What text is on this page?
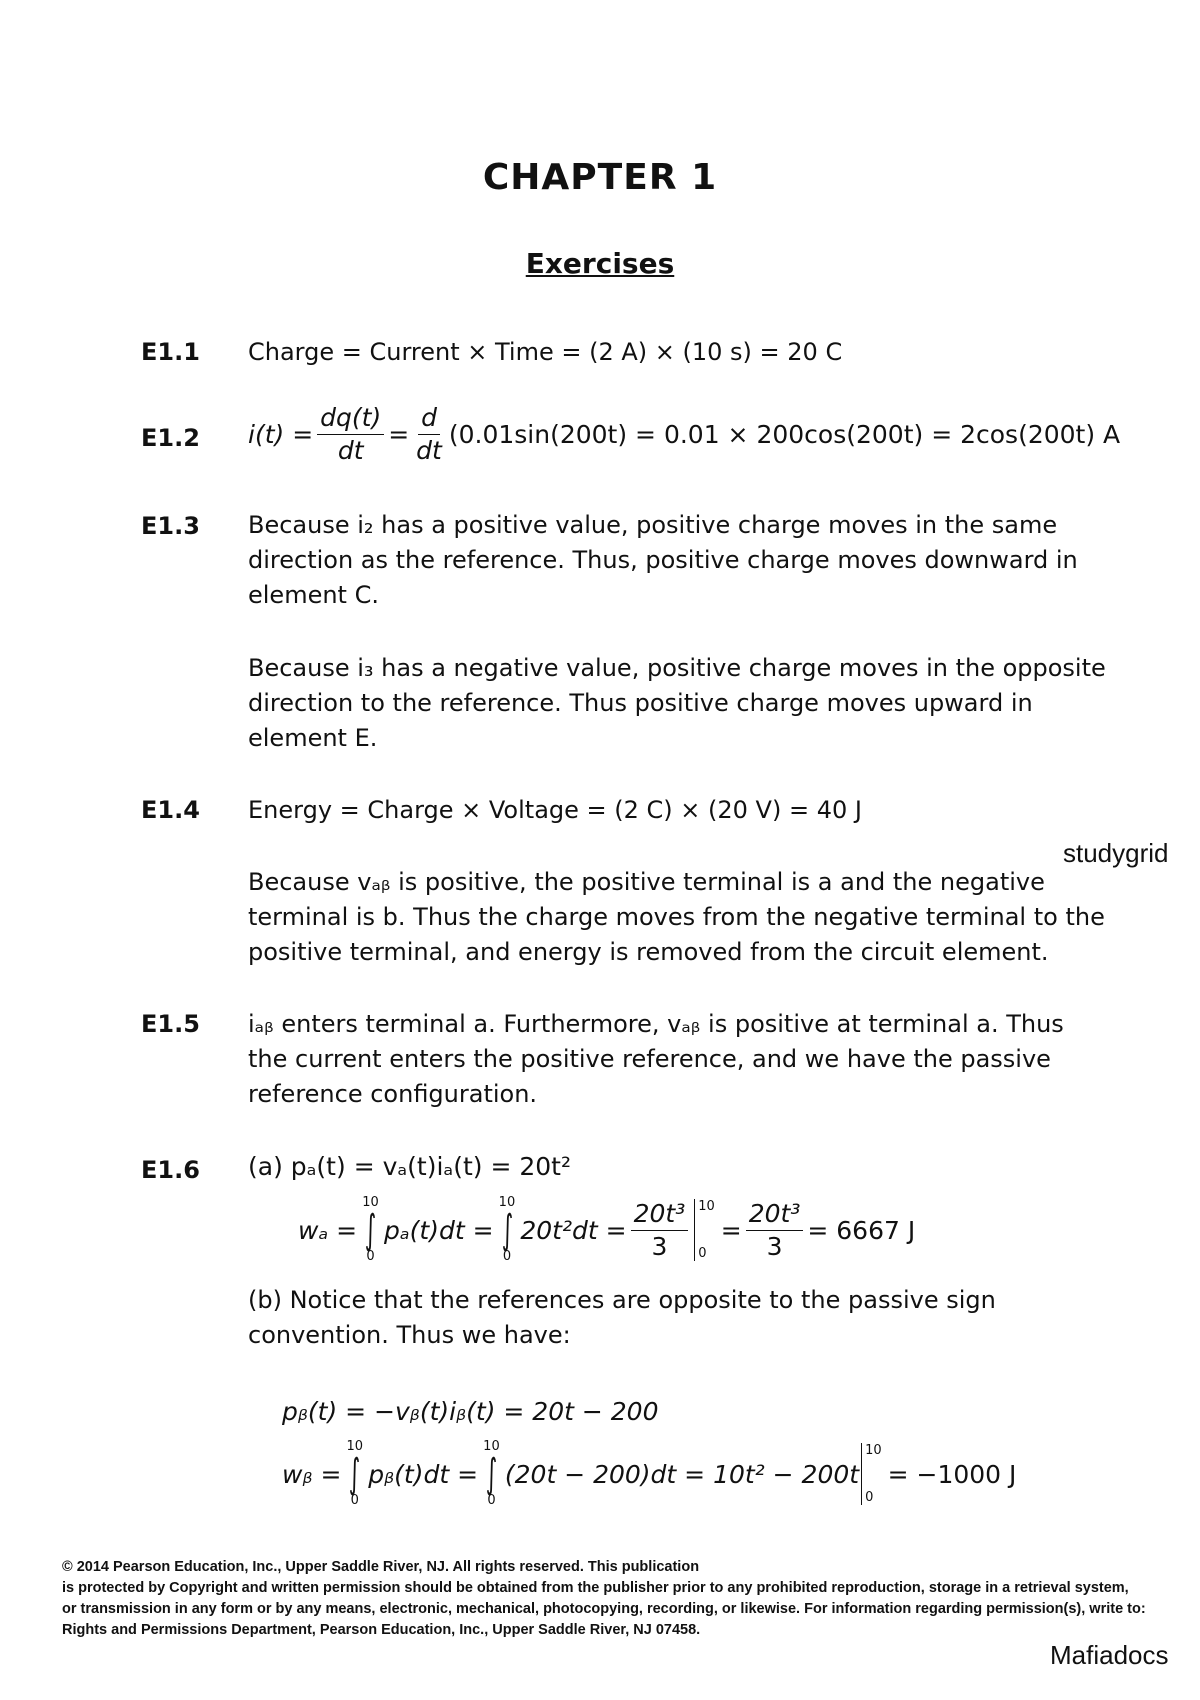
CHAPTER 1
Exercises
E1.1 Charge = Current × Time = (2 A) × (10 s) = 20 C
E1.2 $i(t) = \frac{dq(t)}{dt} = \frac{d}{dt} (0.01\sin(200t) = 0.01 \times 200\cos(200t) = 2\cos(200t)$ A
E1.3 Because i₂ has a positive value, positive charge moves in the same
direction as the reference. Thus, positive charge moves downward in
element C.
Because i₃ has a negative value, positive charge moves in the opposite
direction to the reference. Thus positive charge moves upward in
element E.
E1.4 Energy = Charge × Voltage = (2 C) × (20 V) = 40 J
Because vₐᵦ is positive, the positive terminal is a and the negative
terminal is b. Thus the charge moves from the negative terminal to the
positive terminal, and energy is removed from the circuit element.
studygrid
E1.5 iₐᵦ enters terminal a. Furthermore, vₐᵦ is positive at terminal a. Thus
the current enters the positive reference, and we have the passive
reference configuration.
E1.6 (a) pₐ(t) = vₐ(t)iₐ(t) = 20t²
wₐ =
10
∫
0
pₐ(t)dt =
10
∫
0
$20t^2dt = \frac{\text{20t³}}{3} 10$
0
= $\frac{\text{20t³}}{3} = 6667$ J
(b) Notice that the references are opposite to the passive sign
convention. Thus we have:
pᵦ(t) = −vᵦ(t)iᵦ(t) = 20t − 200
wᵦ =
10
∫
0
pᵦ(t)dt =
10
∫
0
(20t − 200)dt = 10t² − 200t
10
0
= −1000 J
© 2014 Pearson Education, Inc., Upper Saddle River, NJ. All rights reserved. This publication
is protected by Copyright and written permission should be obtained from the publisher prior to any prohibited reproduction, storage in a retrieval system,
or transmission in any form or by any means, electronic, mechanical, photocopying, recording, or likewise. For information regarding permission(s), write to:
Rights and Permissions Department, Pearson Education, Inc., Upper Saddle River, NJ 07458.
Mafiadocs
